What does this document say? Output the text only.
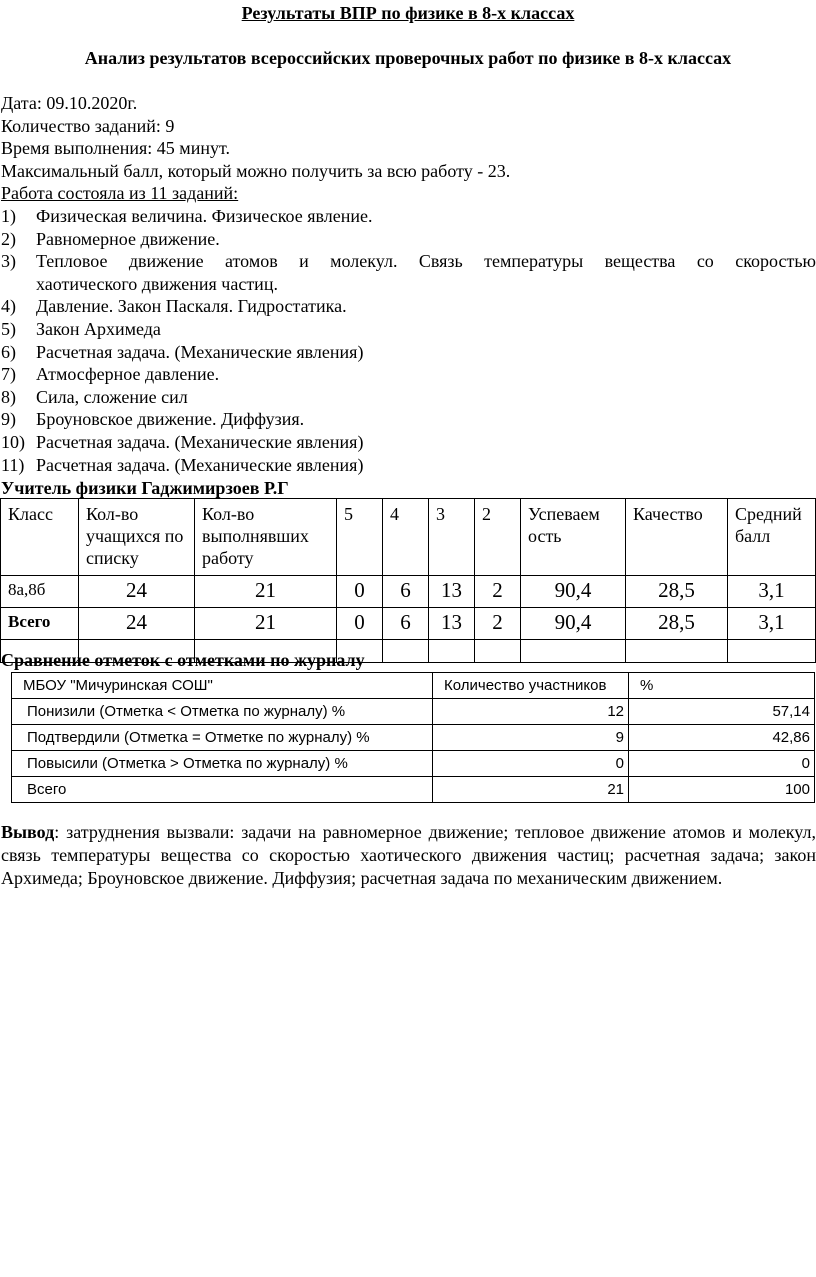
Результаты ВПР по физике в 8-х классах
Анализ результатов всероссийских проверочных работ по физике в 8-х классах
Дата: 09.10.2020г.
Количество заданий: 9
Время выполнения: 45 минут.
Максимальный балл, который можно получить за всю работу - 23.
Работа состояла из 11 заданий:
1)	Физическая величина. Физическое явление.
2)	Равномерное движение.
3)	Тепловое движение атомов и молекул. Связь температуры вещества со скоростью
хаотического движения частиц.
4)	Давление. Закон Паскаля. Гидростатика.
5)	Закон Архимеда
6)	Расчетная задача. (Механические явления)
7)	Атмосферное давление.
8)	Сила, сложение сил
9)	Броуновское движение. Диффузия.
10) Расчетная задача. (Механические явления)
11) Расчетная задача. (Механические явления)
Учитель физики Гаджимирзоев Р.Г
Класс	Кол-во учащихся по списку	Кол-во выполнявших работу	5	4	3	2	Успеваем ость	Качество	Средний балл
8а,8б	24	21	0	6	13	2	90,4	28,5	3,1
Всего	24	21	0	6	13	2	90,4	28,5	3,1

Сравнение отметок с отметками по журналу
МБОУ "Мичуринская СОШ"	Количество участников	%
Понизили (Отметка < Отметка по журналу) %	12	57,14
Подтвердили (Отметка = Отметке по журналу) %	9	42,86
Повысили (Отметка > Отметка по журналу) %	0	0
Всего	21	100
Вывод: затруднения вызвали: задачи на равномерное движение; тепловое движение атомов и молекул, связь температуры вещества со скоростью хаотического движения частиц; расчетная задача; закон Архимеда; Броуновское движение. Диффузия; расчетная задача по механическим движением.
